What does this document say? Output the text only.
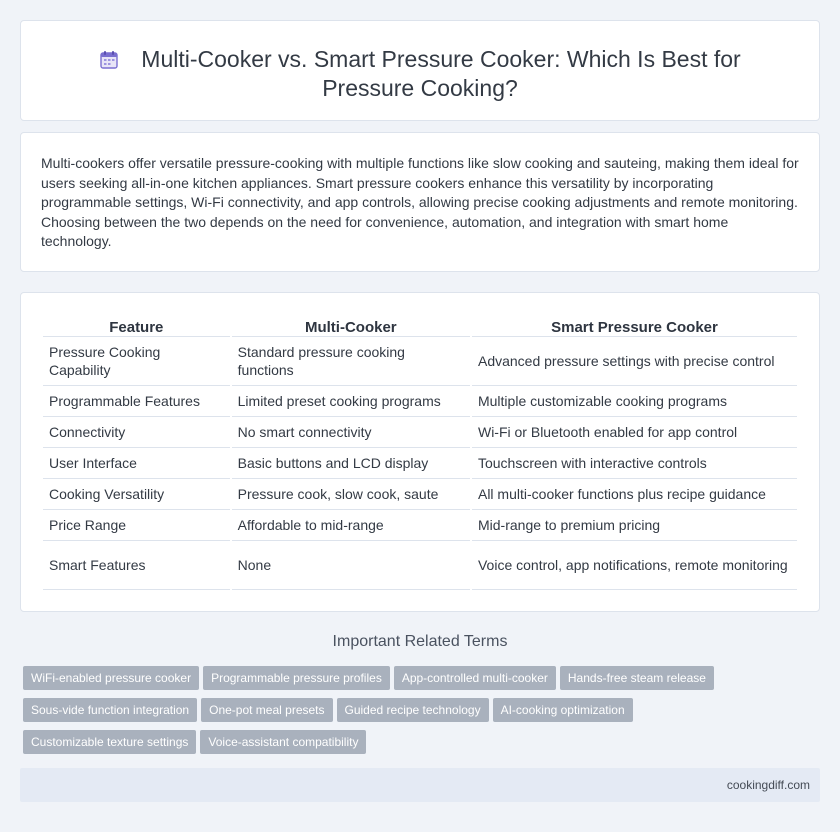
Multi-Cooker vs. Smart Pressure Cooker: Which Is Best for Pressure Cooking?

Multi-cookers offer versatile pressure-cooking with multiple functions like slow cooking and sauteing, making them ideal for users seeking all-in-one kitchen appliances. Smart pressure cookers enhance this versatility by incorporating programmable settings, Wi-Fi connectivity, and app controls, allowing precise cooking adjustments and remote monitoring. Choosing between the two depends on the need for convenience, automation, and integration with smart home technology.

Feature	Multi-Cooker	Smart Pressure Cooker
Pressure Cooking Capability	Standard pressure cooking functions	Advanced pressure settings with precise control
Programmable Features	Limited preset cooking programs	Multiple customizable cooking programs
Connectivity	No smart connectivity	Wi-Fi or Bluetooth enabled for app control
User Interface	Basic buttons and LCD display	Touchscreen with interactive controls
Cooking Versatility	Pressure cook, slow cook, saute	All multi-cooker functions plus recipe guidance
Price Range	Affordable to mid-range	Mid-range to premium pricing
Smart Features	None	Voice control, app notifications, remote monitoring
Important Related Terms
WiFi-enabled pressure cooker Programmable pressure profiles App-controlled multi-cooker Hands-free steam release
Sous-vide function integration One-pot meal presets Guided recipe technology AI-cooking optimization
Customizable texture settings Voice-assistant compatibility
cookingdiff.com
